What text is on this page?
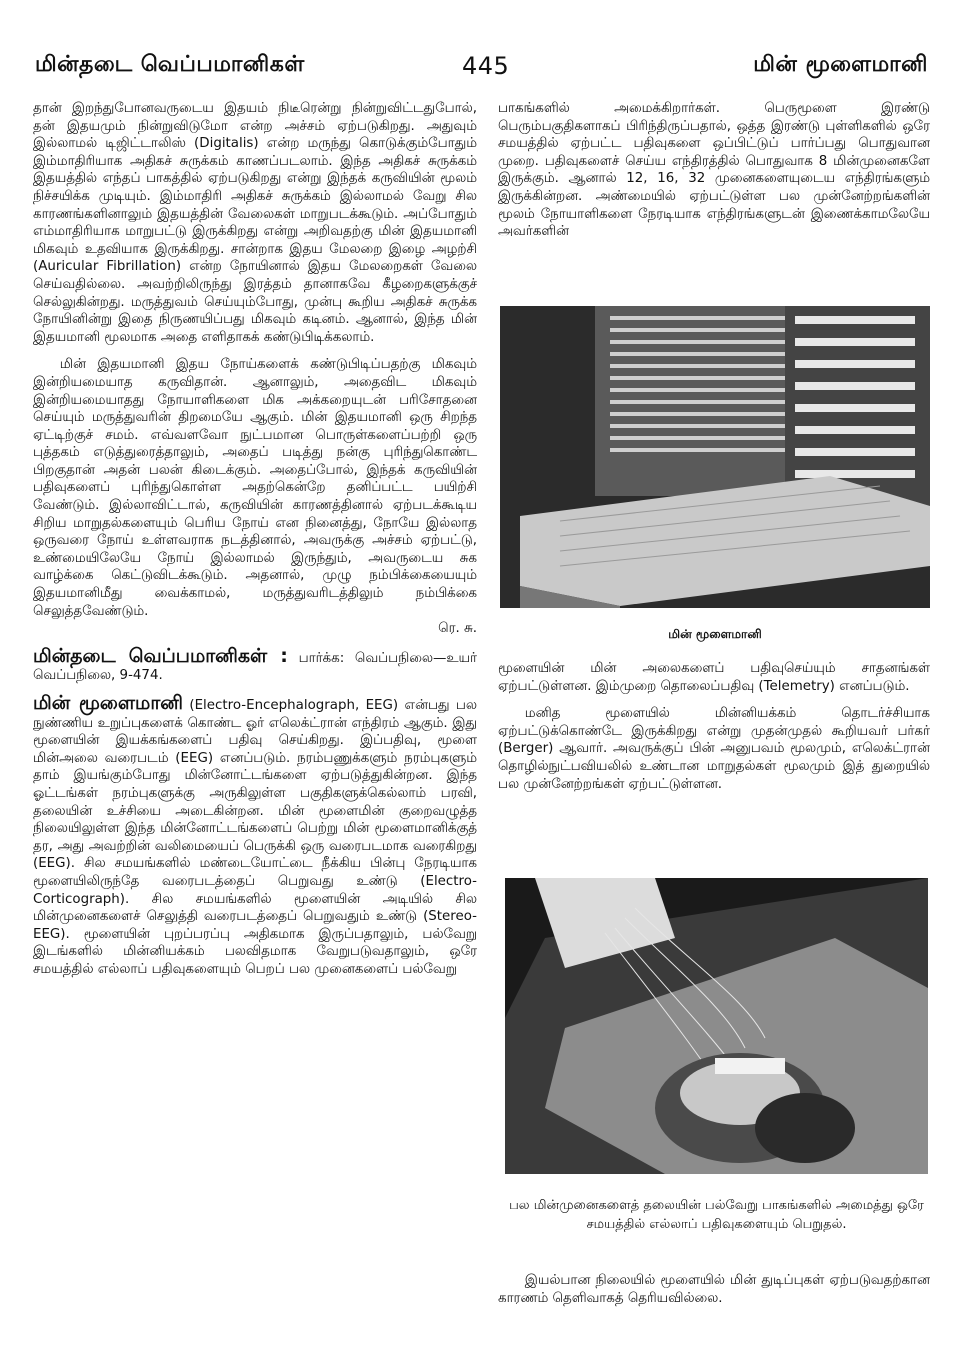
மின்தடை வெப்பமானிகள்	445	மின் மூளைமானி

தான் இறந்துபோனவருடைய இதயம் நிடீரென்று நின்றுவிட்டதுபோல், தன் இதயமும் நின்றுவிடுமோ என்ற அச்சம் ஏற்படுகிறது. அதுவும் இல்லாமல் டிஜிட்டாலிஸ் (Digitalis) என்ற மருந்து கொடுக்கும்போதும் இம்மாதிரியாக அதிகச் சுருக்கம் காணப்படலாம். இந்த அதிகச் சுருக்கம் இதயத்தில் எந்தப் பாகத்தில் ஏற்படுகிறது என்று இந்தக் கருவியின் மூலம் நிச்சயிக்க முடியும். இம்மாதிரி அதிகச் சுருக்கம் இல்லாமல் வேறு சில காரணங்களினாலும் இதயத்தின் வேலைகள் மாறுபடக்கூடும். அப்போதும் எம்மாதிரியாக மாறுபட்டு இருக்கிறது என்று அறிவதற்கு மின் இதயமானி மிகவும் உதவியாக இருக்கிறது. சான்றாக இதய மேலறை இழை அழற்சி (Auricular Fibrillation) என்ற நோயினால் இதய மேலறைகள் வேலை செய்வதில்லை. அவற்றிலிருந்து இரத்தம் தானாகவே கீழறைகளுக்குச் செல்லுகின்றது. மருத்துவம் செய்யும்போது, முன்பு கூறிய அதிகச் சுருக்க நோயினின்று இதை நிருணயிப்பது மிகவும் கடினம். ஆனால், இந்த மின் இதயமானி மூலமாக அதை எளிதாகக் கண்டுபிடிக்கலாம்.

மின் இதயமானி இதய நோய்களைக் கண்டுபிடிப்பதற்கு மிகவும் இன்றியமையாத கருவிதான். ஆனாலும், அதைவிட மிகவும் இன்றியமையாதது நோயாளிகளை மிக அக்கறையுடன் பரிசோதனை செய்யும் மருத்துவரின் திறமையே ஆகும். மின் இதயமானி ஒரு சிறந்த ஏட்டிற்குச் சமம். எவ்வளவோ நுட்பமான பொருள்களைப்பற்றி ஒரு புத்தகம் எடுத்துரைத்தாலும், அதைப் படித்து நன்கு புரிந்துகொண்ட பிறகுதான் அதன் பலன் கிடைக்கும். அதைப்போல், இந்தக் கருவியின் பதிவுகளைப் புரிந்துகொள்ள அதற்கென்றே தனிப்பட்ட பயிற்சி வேண்டும். இல்லாவிட்டால், கருவியின் காரணத்தினால் ஏற்படக்கூடிய சிறிய மாறுதல்களையும் பெரிய நோய் என நினைத்து, நோயே இல்லாத ஒருவரை நோய் உள்ளவராக நடத்தினால், அவருக்கு அச்சம் ஏற்பட்டு, உண்மையிலேயே நோய் இல்லாமல் இருந்தும், அவருடைய சுக வாழ்க்கை கெட்டுவிடக்கூடும். அதனால், முழு நம்பிக்கையையும் இதயமானிமீது வைக்காமல், மருத்துவரிடத்திலும் நம்பிக்கை செலுத்தவேண்டும்.

ரெ. சு.

மின்தடை வெப்பமானிகள் : பார்க்க: வெப்பநிலை—உயர் வெப்பநிலை, 9-474.

மின் மூளைமானி (Electro-Encephalograph, EEG) என்பது பல நுண்ணிய உறுப்புகளைக் கொண்ட ஓர் எலெக்ட்ரான் எந்திரம் ஆகும். இது மூளையின் இயக்கங்களைப் பதிவு செய்கிறது. இப்பதிவு, மூளை மின்அலை வரைபடம் (EEG) எனப்படும். நரம்பணுக்களும் நரம்புகளும் தாம் இயங்கும்போது மின்னோட்டங்களை ஏற்படுத்துகின்றன. இந்த ஓட்டங்கள் நரம்புகளுக்கு அருகிலுள்ள பகுதிகளுக்கெல்லாம் பரவி, தலையின் உச்சியை அடைகின்றன. மின் மூளைமின் குறைவழுத்த நிலையிலுள்ள இந்த மின்னோட்டங்களைப் பெற்று மின் மூளைமானிக்குத் தர, அது அவற்றின் வலிமையைப் பெருக்கி ஒரு வரைபடமாக வரைகிறது (EEG). சில சமயங்களில் மண்டையோட்டை நீக்கிய பின்பு நேரடியாக மூளையிலிருந்தே வரைபடத்தைப் பெறுவது உண்டு (Electro-Corticograph). சில சமயங்களில் மூளையின் அடியில் சில மின்முனைகளைச் செலுத்தி வரைபடத்தைப் பெறுவதும் உண்டு (Stereo-EEG). மூளையின் புறப்பரப்பு அதிகமாக இருப்பதாலும், பல்வேறு இடங்களில் மின்னியக்கம் பலவிதமாக வேறுபடுவதாலும், ஒரே சமயத்தில் எல்லாப் பதிவுகளையும் பெறப் பல முனைகளைப் பல்வேறு

பாகங்களில் அமைக்கிறார்கள். பெருமூளை இரண்டு பெரும்பகுதிகளாகப் பிரிந்திருப்பதால், ஒத்த இரண்டு புள்ளிகளில் ஒரே சமயத்தில் ஏற்பட்ட பதிவுகளை ஒப்பிட்டுப் பார்ப்பது பொதுவான முறை. பதிவுகளைச் செய்ய எந்திரத்தில் பொதுவாக 8 மின்முனைகளே இருக்கும். ஆனால் 12, 16, 32 முனைகளையுடைய எந்திரங்களும் இருக்கின்றன. அண்மையில் ஏற்பட்டுள்ள பல முன்னேற்றங்களின் மூலம் நோயாளிகளை நேரடியாக எந்திரங்களுடன் இணைக்காமலேயே அவர்களின்

மின் மூளைமானி

மூளையின் மின் அலைகளைப் பதிவுசெய்யும் சாதனங்கள் ஏற்பட்டுள்ளன. இம்முறை தொலைப்பதிவு (Telemetry) எனப்படும்.

மனித மூளையில் மின்னியக்கம் தொடர்ச்சியாக ஏற்பட்டுக்கொண்டே இருக்கிறது என்று முதன்முதல் கூறியவர் பர்கர் (Berger) ஆவார். அவருக்குப் பின் அனுபவம் மூலமும், எலெக்ட்ரான் தொழில்நுட்பவியலில் உண்டான மாறுதல்கள் மூலமும் இத் துறையில் பல முன்னேற்றங்கள் ஏற்பட்டுள்ளன.

பல மின்முனைகளைத் தலையின் பல்வேறு பாகங்களில் அமைத்து ஒரே சமயத்தில் எல்லாப் பதிவுகளையும் பெறுதல்.

இயல்பான நிலையில் மூளையில் மின் துடிப்புகள் ஏற்படுவதற்கான காரணம் தெளிவாகத் தெரியவில்லை.
